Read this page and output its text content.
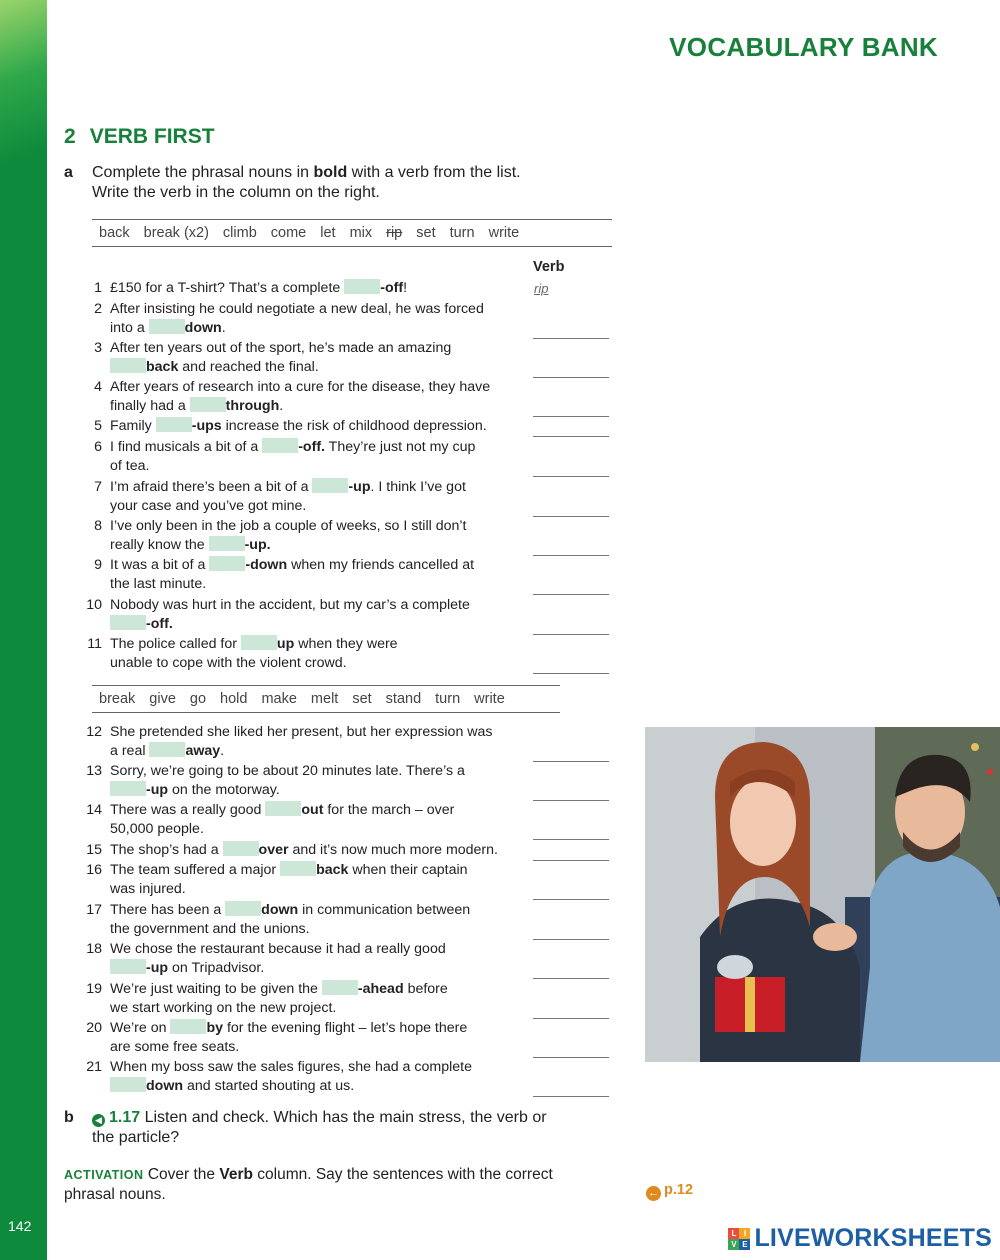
142
VOCABULARY BANK
2 VERB FIRST
a Complete the phrasal nouns in bold with a verb from the list.
Write the verb in the column on the right.
back break (x2) climb come let mix rip set turn write
Verb
rip
1 £150 for a T-shirt? That’s a complete	-off!
2 After insisting he could negotiate a new deal, he was forced
into a	down.
3 After ten years out of the sport, he’s made an amazing
back and reached the final.
4 After years of research into a cure for the disease, they have
finally had a	through.
5 Family	-ups increase the risk of childhood depression.
6 I find musicals a bit of a	-off. They’re just not my cup
of tea.
7 I’m afraid there’s been a bit of a	-up. I think I’ve got
your case and you’ve got mine.
8 I’ve only been in the job a couple of weeks, so I still don’t
really know the	-up.
9 It was a bit of a	-down when my friends cancelled at
the last minute.
10 Nobody was hurt in the accident, but my car’s a complete
-off.
11 The police called for	up when they were
unable to cope with the violent crowd.
break give go hold make melt set stand turn write
12 She pretended she liked her present, but her expression was
a real	away.
13 Sorry, we’re going to be about 20 minutes late. There’s a
-up on the motorway.
14 There was a really good	out for the march – over
50,000 people.
15 The shop’s had a	over and it’s now much more modern.
16 The team suffered a major	back when their captain
was injured.
17 There has been a	down in communication between
the government and the unions.
18 We chose the restaurant because it had a really good
-up on Tripadvisor.
19 We’re just waiting to be given the	-ahead before
we start working on the new project.
20 We’re on	by for the evening flight – let’s hope there
are some free seats.
21 When my boss saw the sales figures, she had a complete
down and started shouting at us.
b	◀ 1.17 Listen and check. Which has the main stress, the verb or
the particle?
ACTIVATION Cover the Verb column. Say the sentences with the correct
phrasal nouns.	← p.12
L I
V E LIVEWORKSHEETS
